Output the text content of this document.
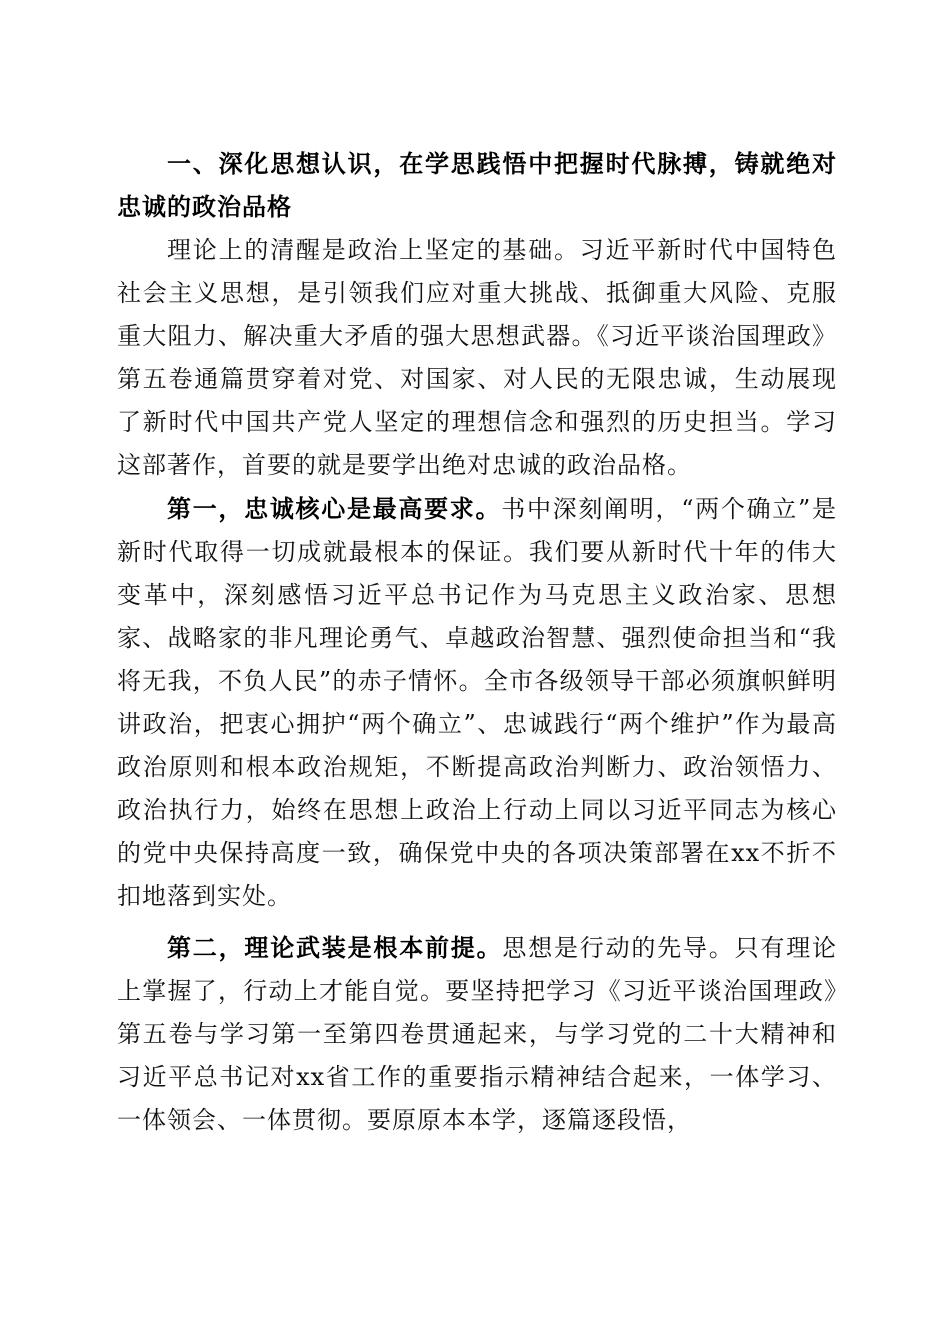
一、深化思想认识，在学思践悟中把握时代脉搏，铸就绝对忠诚的政治品格

理论上的清醒是政治上坚定的基础。习近平新时代中国特色社会主义思想，是引领我们应对重大挑战、抵御重大风险、克服重大阻力、解决重大矛盾的强大思想武器。《习近平谈治国理政》第五卷通篇贯穿着对党、对国家、对人民的无限忠诚，生动展现了新时代中国共产党人坚定的理想信念和强烈的历史担当。学习这部著作，首要的就是要学出绝对忠诚的政治品格。

第一，忠诚核心是最高要求。书中深刻阐明，“两个确立”是新时代取得一切成就最根本的保证。我们要从新时代十年的伟大变革中，深刻感悟习近平总书记作为马克思主义政治家、思想家、战略家的非凡理论勇气、卓越政治智慧、强烈使命担当和“我将无我，不负人民”的赤子情怀。全市各级领导干部必须旗帜鲜明讲政治，把衷心拥护“两个确立”、忠诚践行“两个维护”作为最高政治原则和根本政治规矩，不断提高政治判断力、政治领悟力、政治执行力，始终在思想上政治上行动上同以习近平同志为核心的党中央保持高度一致，确保党中央的各项决策部署在xx不折不扣地落到实处。

第二，理论武装是根本前提。思想是行动的先导。只有理论上掌握了，行动上才能自觉。要坚持把学习《习近平谈治国理政》第五卷与学习第一至第四卷贯通起来，与学习党的二十大精神和习近平总书记对xx省工作的重要指示精神结合起来，一体学习、一体领会、一体贯彻。要原原本本学，逐篇逐段悟，
